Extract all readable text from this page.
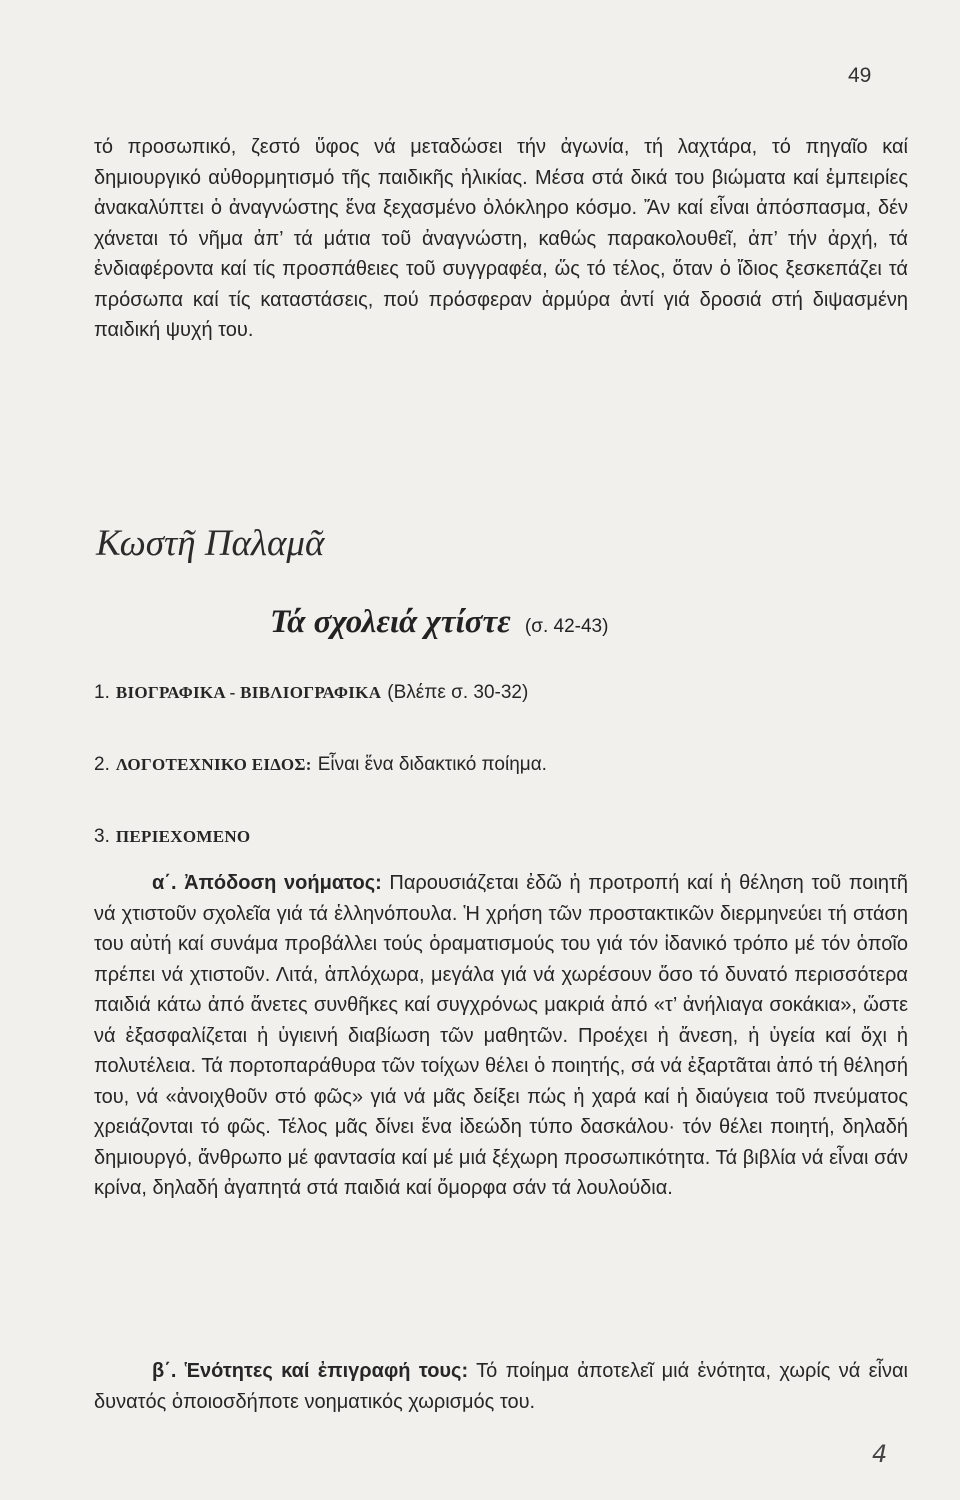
49

τό προσωπικό, ζεστό ὕφος νά μεταδώσει τήν ἀγωνία, τή λαχτάρα, τό πηγαῖο καί δημιουργικό αὐθορμητισμό τῆς παιδικῆς ἡλικίας. Μέσα στά δικά του βιώματα καί ἐμπειρίες ἀνακαλύπτει ὁ ἀναγνώστης ἕνα ξεχασμένο ὁλόκληρο κόσμο. Ἄν καί εἶναι ἀπόσπασμα, δέν χάνεται τό νῆμα ἀπ’ τά μάτια τοῦ ἀναγνώστη, καθώς παρακολουθεῖ, ἀπ’ τήν ἀρχή, τά ἐνδιαφέροντα καί τίς προσπάθειες τοῦ συγγραφέα, ὥς τό τέλος, ὅταν ὁ ἴδιος ξεσκεπάζει τά πρόσωπα καί τίς καταστάσεις, πού πρόσφεραν ἁρμύρα ἀντί γιά δροσιά στή διψασμένη παιδική ψυχή του.

Κωστῆ Παλαμᾶ
Τά σχολειά χτίστε (σ. 42-43)
1. ΒΙΟΓΡΑΦΙΚΑ - ΒΙΒΛΙΟΓΡΑΦΙΚΑ (Βλέπε σ. 30-32)
2. ΛΟΓΟΤΕΧΝΙΚΟ ΕΙΔΟΣ: Εἶναι ἕνα διδακτικό ποίημα.
3. ΠΕΡΙΕΧΟΜΕΝΟ

α΄. Ἀπόδοση νοήματος: Παρουσιάζεται ἐδῶ ἡ προτροπή καί ἡ θέληση τοῦ ποιητῆ νά χτιστοῦν σχολεῖα γιά τά ἑλληνόπουλα. Ἡ χρήση τῶν προστακτικῶν διερμηνεύει τή στάση του αὐτή καί συνάμα προβάλλει τούς ὁραματισμούς του γιά τόν ἰδανικό τρόπο μέ τόν ὁποῖο πρέπει νά χτιστοῦν. Λιτά, ἁπλόχωρα, μεγάλα γιά νά χωρέσουν ὅσο τό δυνατό περισσότερα παιδιά κάτω ἀπό ἄνετες συνθῆκες καί συγχρόνως μακριά ἀπό «τ’ ἀνήλιαγα σοκάκια», ὥστε νά ἐξασφαλίζεται ἡ ὑγιεινή διαβίωση τῶν μαθητῶν. Προέχει ἡ ἄνεση, ἡ ὑγεία καί ὄχι ἡ πολυτέλεια. Τά πορτοπαράθυρα τῶν τοίχων θέλει ὁ ποιητής, σά νά ἐξαρτᾶται ἀπό τή θέλησή του, νά «ἀνοιχθοῦν στό φῶς» γιά νά μᾶς δείξει πώς ἡ χαρά καί ἡ διαύγεια τοῦ πνεύματος χρειάζονται τό φῶς. Τέλος μᾶς δίνει ἕνα ἰδεώδη τύπο δασκάλου· τόν θέλει ποιητή, δηλαδή δημιουργό, ἄνθρωπο μέ φαντασία καί μέ μιά ξέχωρη προσωπικότητα. Τά βιβλία νά εἶναι σάν κρίνα, δηλαδή ἀγαπητά στά παιδιά καί ὄμορφα σάν τά λουλούδια.

β΄. Ἑνότητες καί ἐπιγραφή τους: Τό ποίημα ἀποτελεῖ μιά ἑνότητα, χωρίς νά εἶναι δυνατός ὁποιοσδήποτε νοηματικός χωρισμός του.

4
